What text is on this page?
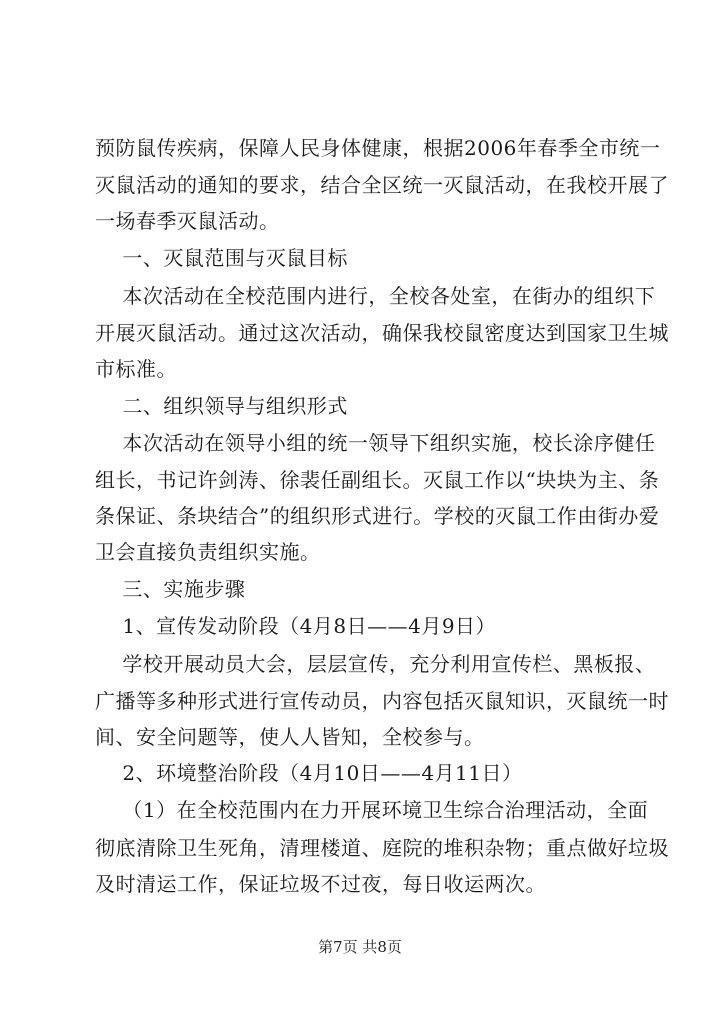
预防鼠传疾病，保障人民身体健康，根据2006年春季全市统一
灭鼠活动的通知的要求，结合全区统一灭鼠活动，在我校开展了
一场春季灭鼠活动。
一、灭鼠范围与灭鼠目标
本次活动在全校范围内进行，全校各处室，在街办的组织下
开展灭鼠活动。通过这次活动，确保我校鼠密度达到国家卫生城
市标准。
二、组织领导与组织形式
本次活动在领导小组的统一领导下组织实施，校长涂序健任
组长，书记许剑涛、徐裴任副组长。灭鼠工作以“块块为主、条
条保证、条块结合”的组织形式进行。学校的灭鼠工作由街办爱
卫会直接负责组织实施。
三、实施步骤
1、宣传发动阶段（4月8日——4月9日）
学校开展动员大会，层层宣传，充分利用宣传栏、黑板报、
广播等多种形式进行宣传动员，内容包括灭鼠知识，灭鼠统一时
间、安全问题等，使人人皆知，全校参与。
2、环境整治阶段（4月10日——4月11日）
（1）在全校范围内在力开展环境卫生综合治理活动，全面
彻底清除卫生死角，清理楼道、庭院的堆积杂物；重点做好垃圾
及时清运工作，保证垃圾不过夜，每日收运两次。
第7页 共8页
